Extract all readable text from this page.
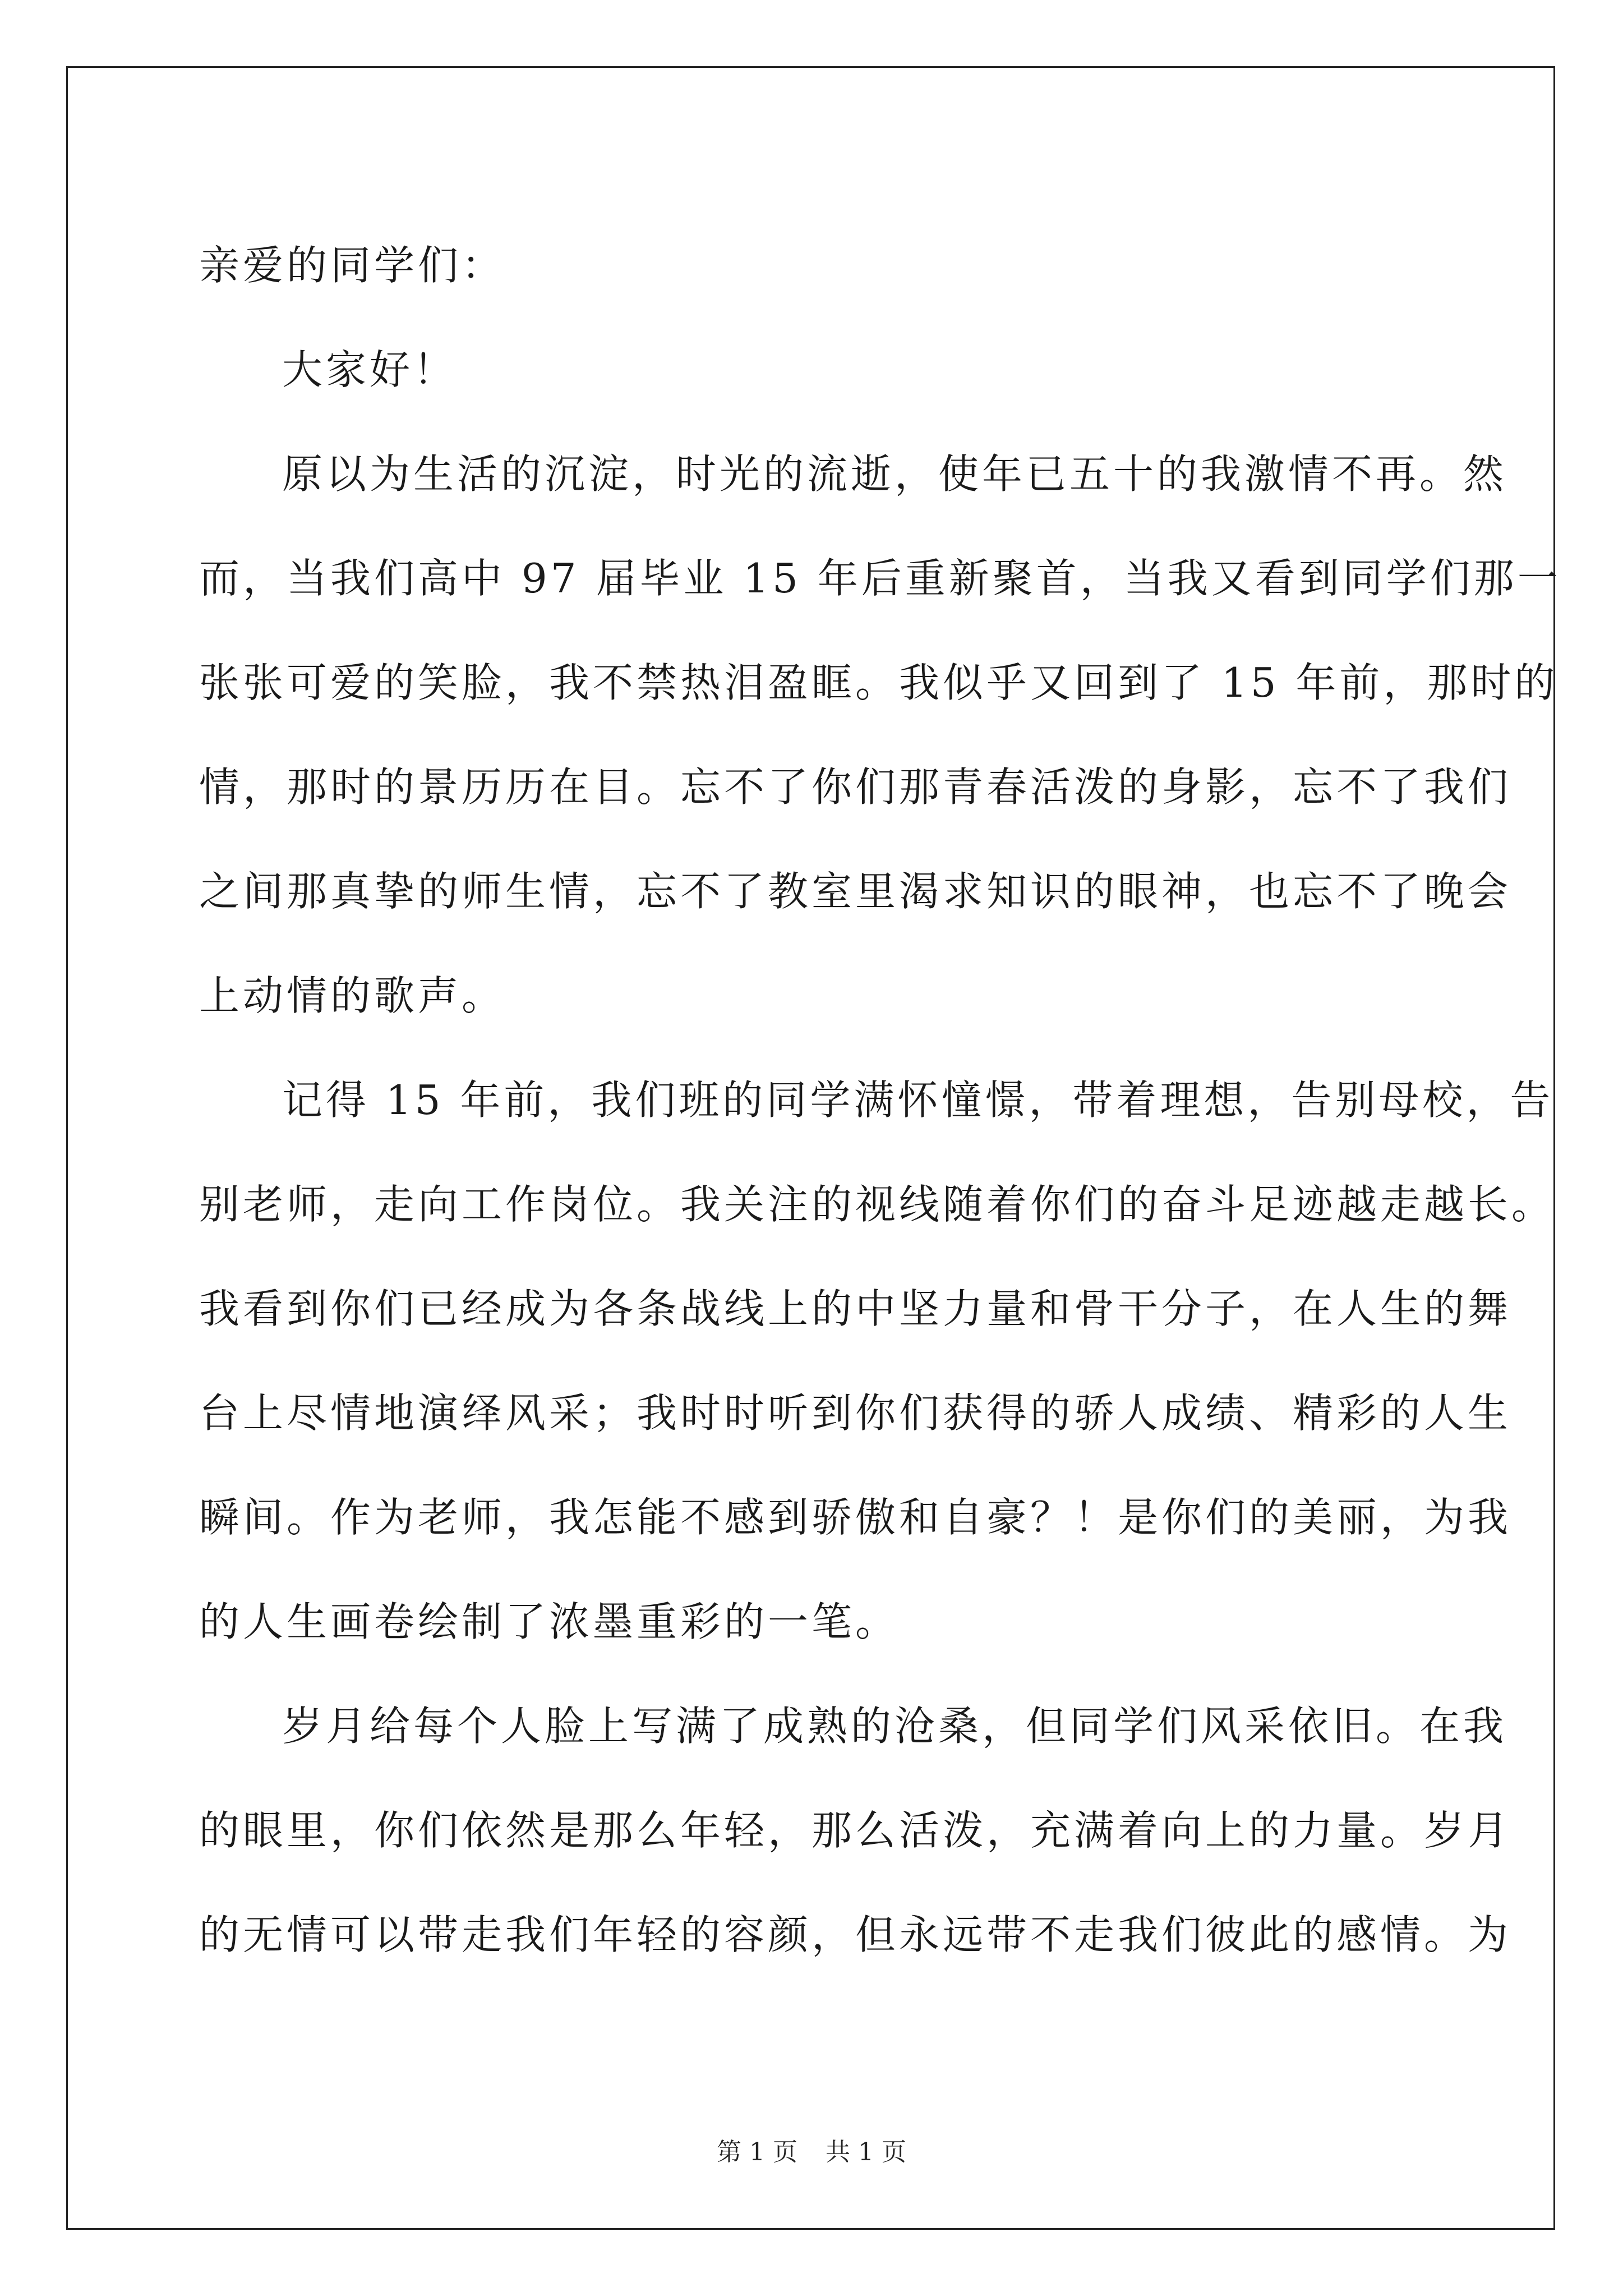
亲爱的同学们：
大家好！
原以为生活的沉淀，时光的流逝，使年已五十的我激情不再。然
而，当我们高中 97 届毕业 15 年后重新聚首，当我又看到同学们那一
张张可爱的笑脸，我不禁热泪盈眶。我似乎又回到了 15 年前，那时的
情，那时的景历历在目。忘不了你们那青春活泼的身影，忘不了我们
之间那真挚的师生情，忘不了教室里渴求知识的眼神，也忘不了晚会
上动情的歌声。
记得 15 年前，我们班的同学满怀憧憬，带着理想，告别母校，告
别老师，走向工作岗位。我关注的视线随着你们的奋斗足迹越走越长。
我看到你们已经成为各条战线上的中坚力量和骨干分子，在人生的舞
台上尽情地演绎风采；我时时听到你们获得的骄人成绩、精彩的人生
瞬间。作为老师，我怎能不感到骄傲和自豪？！是你们的美丽，为我
的人生画卷绘制了浓墨重彩的一笔。
岁月给每个人脸上写满了成熟的沧桑，但同学们风采依旧。在我
的眼里，你们依然是那么年轻，那么活泼，充满着向上的力量。岁月
的无情可以带走我们年轻的容颜，但永远带不走我们彼此的感情。为
第 1 页 共 1 页
